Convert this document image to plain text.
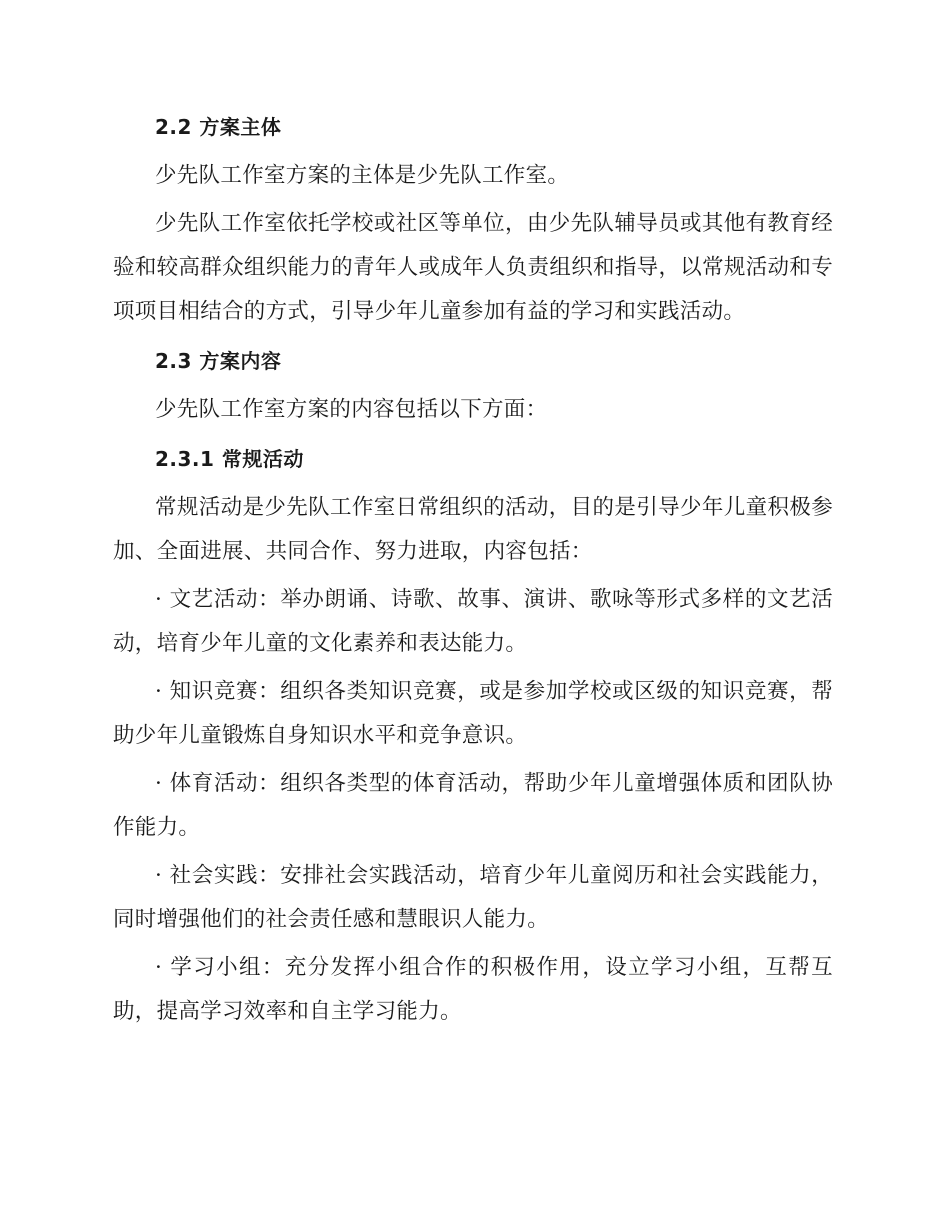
2.2 方案主体
少先队工作室方案的主体是少先队工作室。
少先队工作室依托学校或社区等单位，由少先队辅导员或其他有教育经验和较高群众组织能力的青年人或成年人负责组织和指导，以常规活动和专项项目相结合的方式，引导少年儿童参加有益的学习和实践活动。
2.3 方案内容
少先队工作室方案的内容包括以下方面：
2.3.1 常规活动
常规活动是少先队工作室日常组织的活动，目的是引导少年儿童积极参加、全面进展、共同合作、努力进取，内容包括：
· 文艺活动：举办朗诵、诗歌、故事、演讲、歌咏等形式多样的文艺活动，培育少年儿童的文化素养和表达能力。
· 知识竞赛：组织各类知识竞赛，或是参加学校或区级的知识竞赛，帮助少年儿童锻炼自身知识水平和竞争意识。
· 体育活动：组织各类型的体育活动，帮助少年儿童增强体质和团队协作能力。
· 社会实践：安排社会实践活动，培育少年儿童阅历和社会实践能力，同时增强他们的社会责任感和慧眼识人能力。
· 学习小组：充分发挥小组合作的积极作用，设立学习小组，互帮互助，提高学习效率和自主学习能力。
